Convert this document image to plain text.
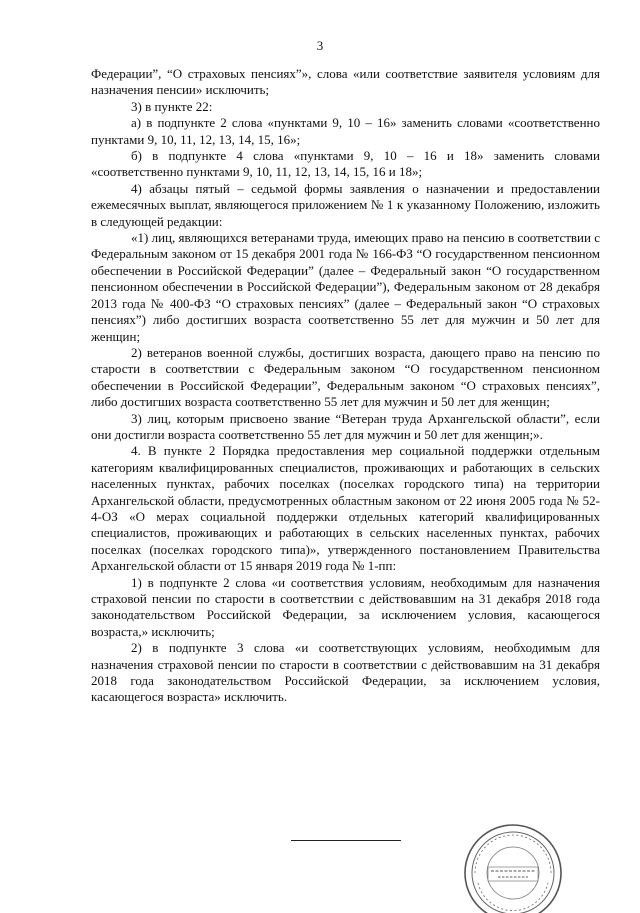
3

Федерации”, “О страховых пенсиях”», слова «или соответствие заявителя условиям для назначения пенсии» исключить;

3) в пункте 22:

а) в подпункте 2 слова «пунктами 9, 10 – 16» заменить словами «соответственно пунктами 9, 10, 11, 12, 13, 14, 15, 16»;

б) в подпункте 4 слова «пунктами 9, 10 – 16 и 18» заменить словами «соответственно пунктами 9, 10, 11, 12, 13, 14, 15, 16 и 18»;

4) абзацы пятый – седьмой формы заявления о назначении и предоставлении ежемесячных выплат, являющегося приложением № 1 к указанному Положению, изложить в следующей редакции:

«1) лиц, являющихся ветеранами труда, имеющих право на пенсию в соответствии с Федеральным законом от 15 декабря 2001 года № 166-ФЗ “О государственном пенсионном обеспечении в Российской Федерации” (далее – Федеральный закон “О государственном пенсионном обеспечении в Российской Федерации”), Федеральным законом от 28 декабря 2013 года № 400-ФЗ “О страховых пенсиях” (далее – Федеральный закон “О страховых пенсиях”) либо достигших возраста соответственно 55 лет для мужчин и 50 лет для женщин;

2) ветеранов военной службы, достигших возраста, дающего право на пенсию по старости в соответствии с Федеральным законом “О государственном пенсионном обеспечении в Российской Федерации”, Федеральным законом “О страховых пенсиях”, либо достигших возраста соответственно 55 лет для мужчин и 50 лет для женщин;

3) лиц, которым присвоено звание “Ветеран труда Архангельской области”, если они достигли возраста соответственно 55 лет для мужчин и 50 лет для женщин;».

4. В пункте 2 Порядка предоставления мер социальной поддержки отдельным категориям квалифицированных специалистов, проживающих и работающих в сельских населенных пунктах, рабочих поселках (поселках городского типа) на территории Архангельской области, предусмотренных областным законом от 22 июня 2005 года № 52-4-ОЗ «О мерах социальной поддержки отдельных категорий квалифицированных специалистов, проживающих и работающих в сельских населенных пунктах, рабочих поселках (поселках городского типа)», утвержденного постановлением Правительства Архангельской области от 15 января 2019 года № 1-пп:

1) в подпункте 2 слова «и соответствия условиям, необходимым для назначения страховой пенсии по старости в соответствии с действовавшим на 31 декабря 2018 года законодательством Российской Федерации, за исключением условия, касающегося возраста,» исключить;

2) в подпункте 3 слова «и соответствующих условиям, необходимым для назначения страховой пенсии по старости в соответствии с действовавшим на 31 декабря 2018 года законодательством Российской Федерации, за исключением условия, касающегося возраста» исключить.
